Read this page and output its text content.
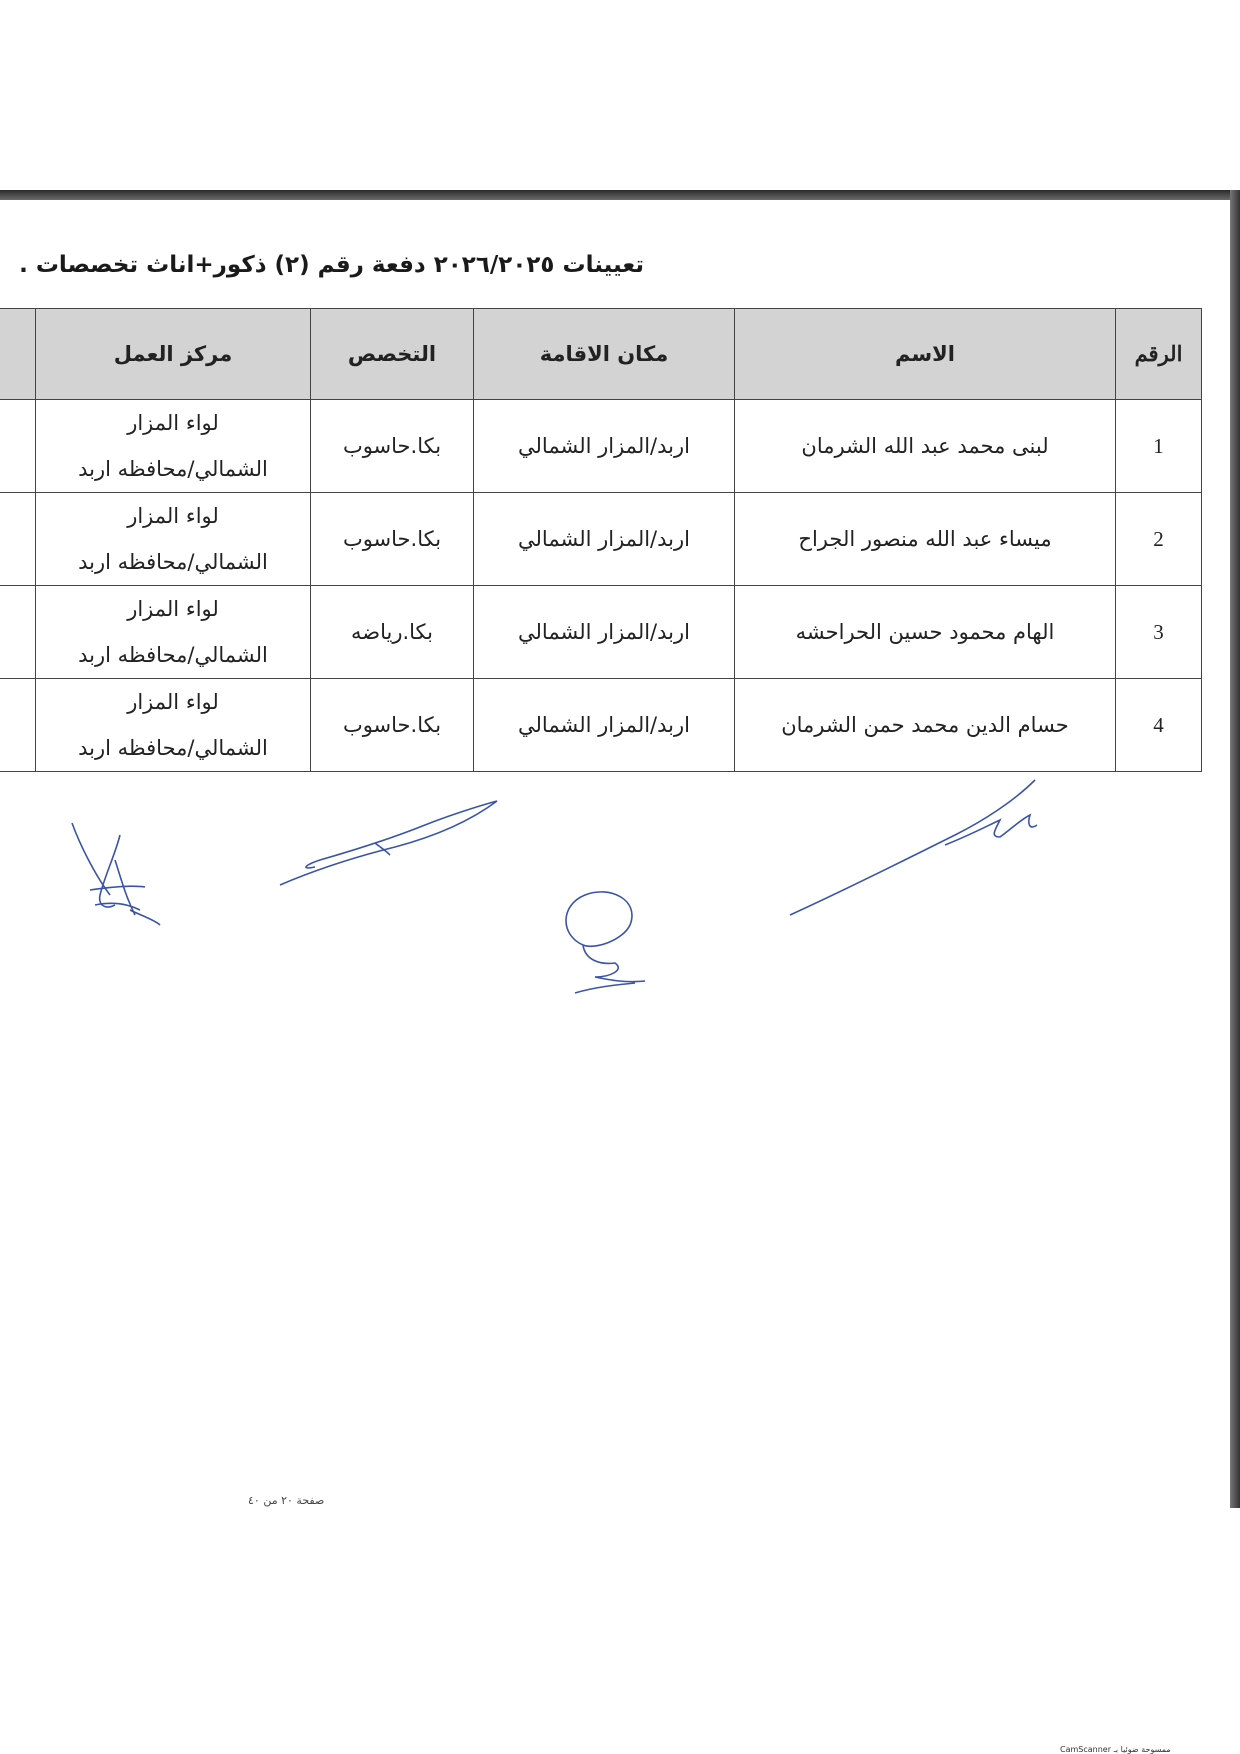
تعيينات ٢٠٢٦/٢٠٢٥ دفعة رقم (٢) ذكور+اناث تخصصات .
الرقم	الاسم	مكان الاقامة	التخصص	مركز العمل	
1	لبنى محمد عبد الله الشرمان	اربد/المزار الشمالي	بكا.حاسوب	لواء المزار
الشمالي/محافظه اربد	

2	ميساء عبد الله منصور الجراح	اربد/المزار الشمالي	بكا.حاسوب	لواء المزار
الشمالي/محافظه اربد	

3	الهام محمود حسين الحراحشه	اربد/المزار الشمالي	بكا.رياضه	لواء المزار
الشمالي/محافظه اربد	

4	حسام الدين محمد حمن الشرمان	اربد/المزار الشمالي	بكا.حاسوب	لواء المزار
الشمالي/محافظه اربد	

صفحة ٢٠ من ٤٠
CamScanner ممسوحة ضوئيا بـ
